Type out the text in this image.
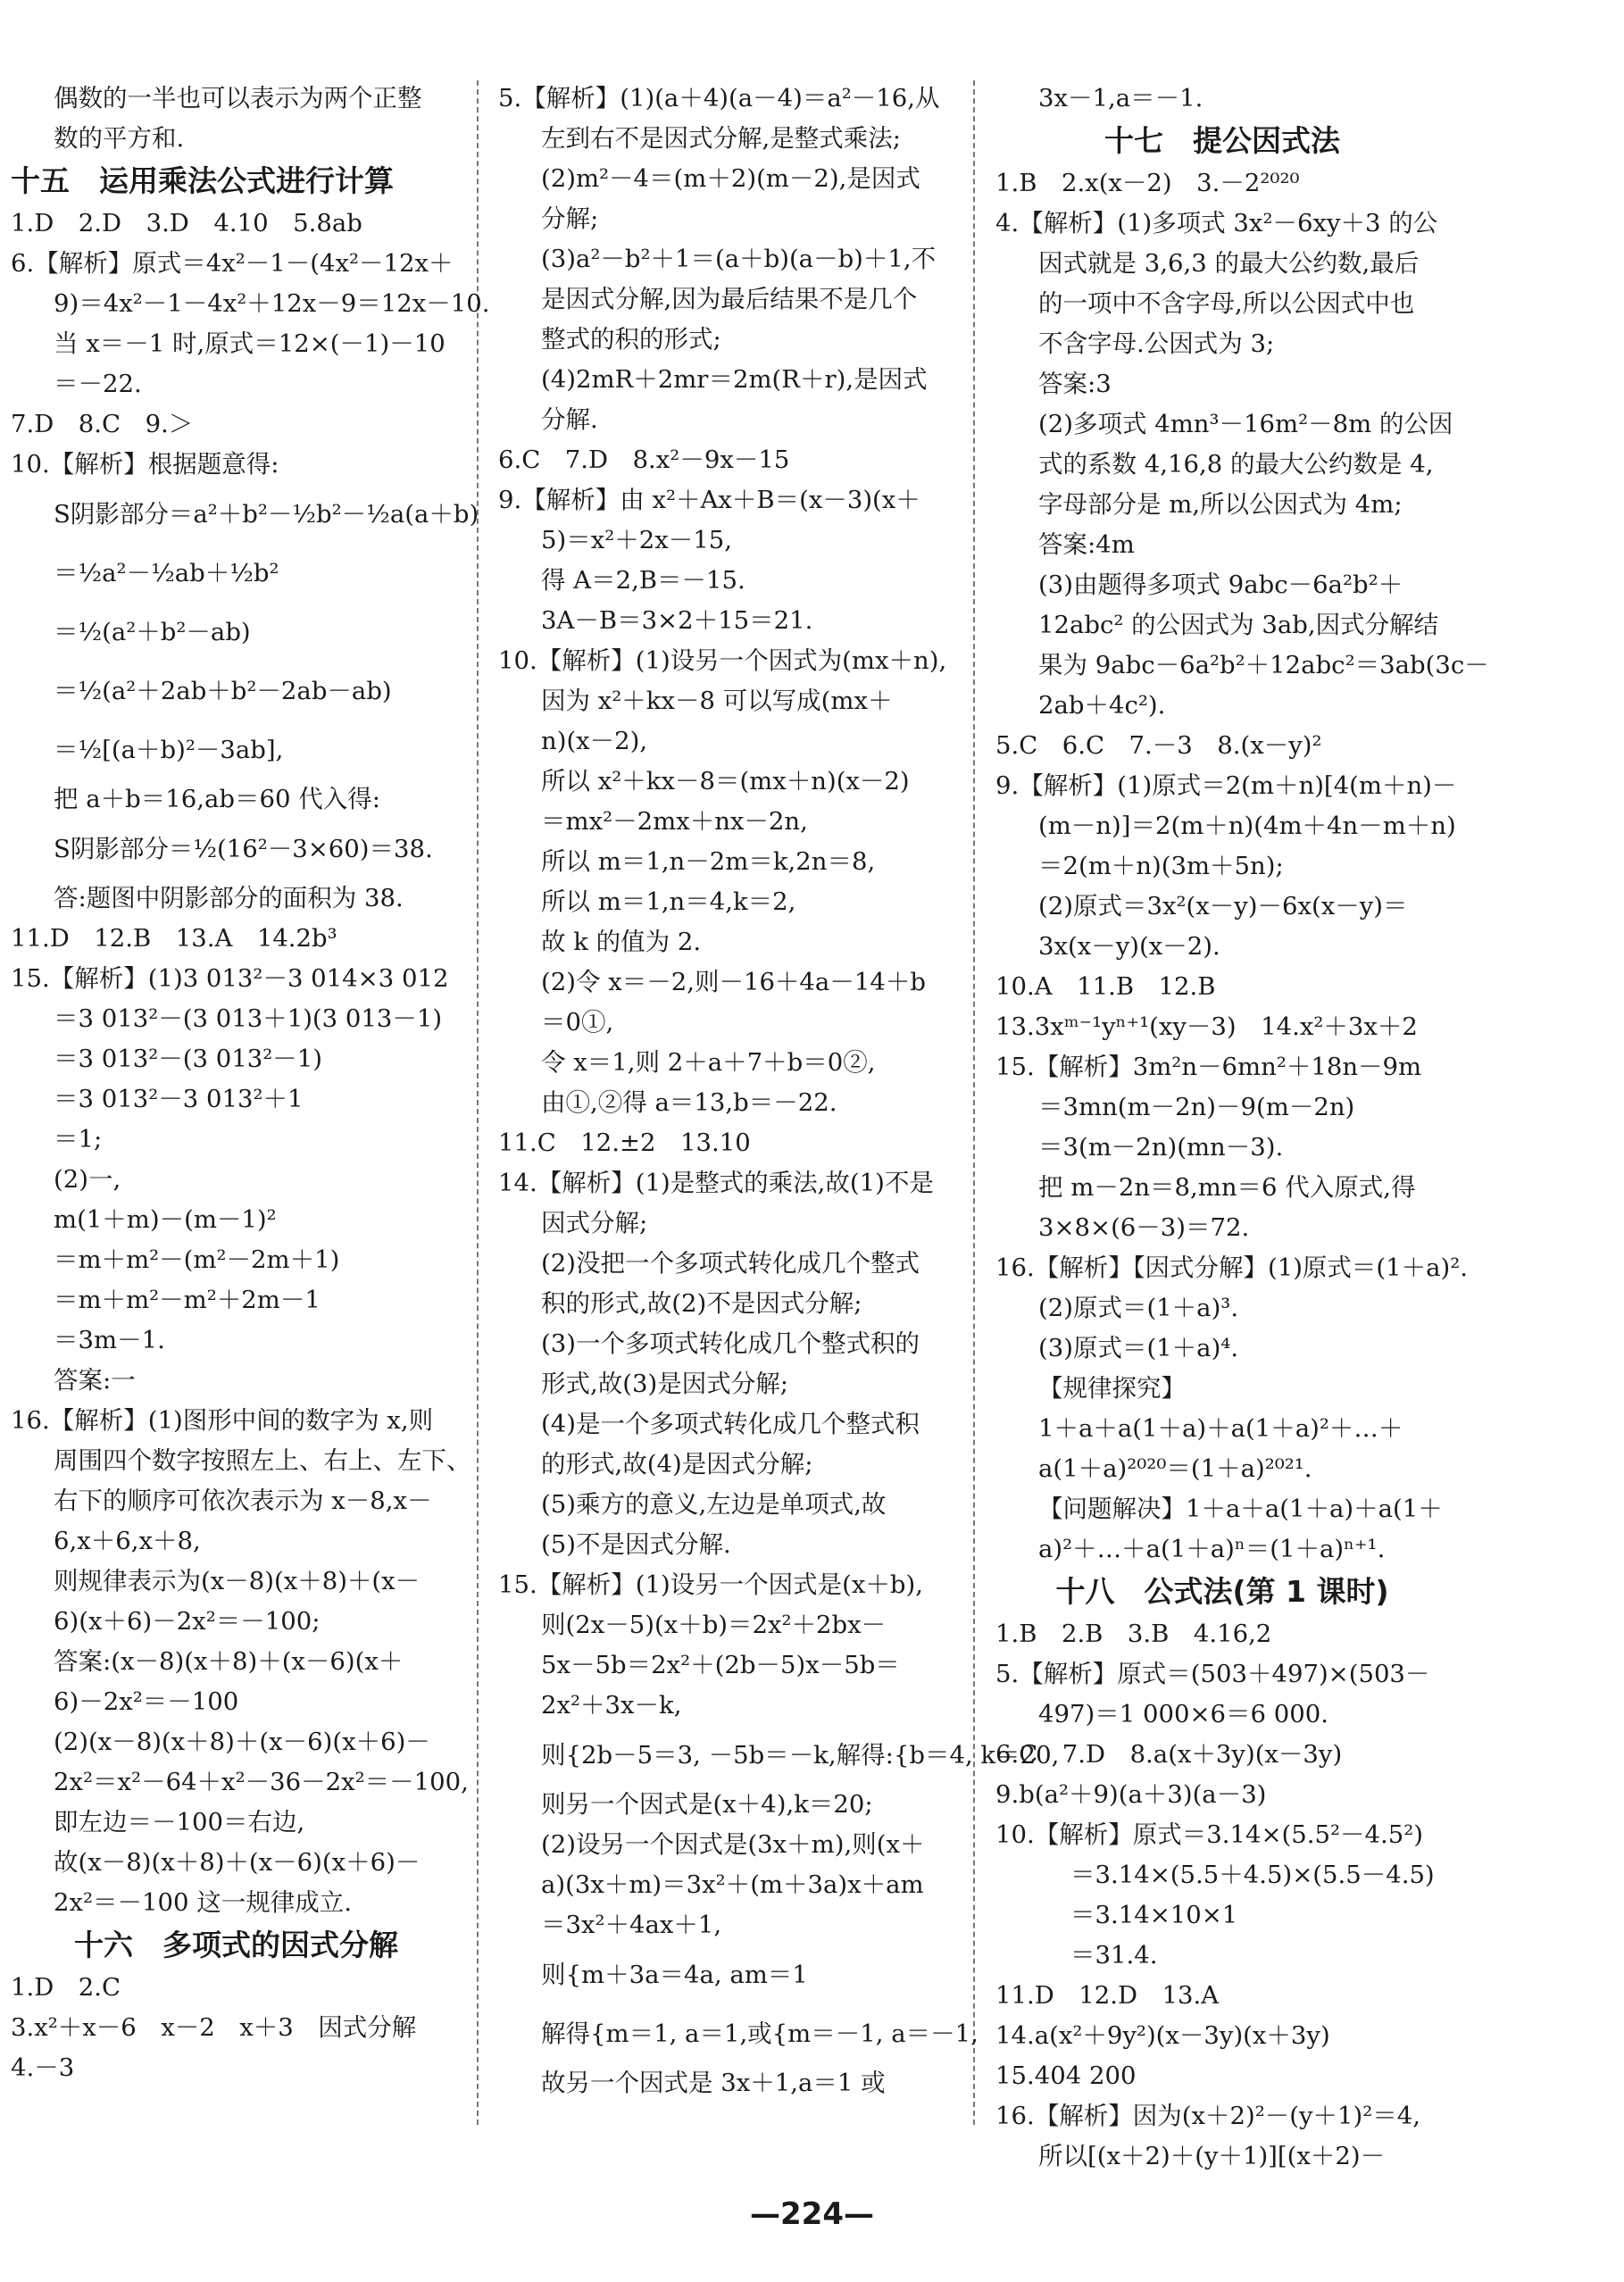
偶数的一半也可以表示为两个正整
数的平方和.
十五　运用乘法公式进行计算
1.D　2.D　3.D　4.10　5.8ab
6.【解析】原式＝4x²－1－(4x²－12x＋
9)＝4x²－1－4x²＋12x－9＝12x－10.
当 x＝－1 时,原式＝12×(－1)－10
＝－22.
7.D　8.C　9.＞
10.【解析】根据题意得:
S阴影部分＝a²＋b²－½b²－½a(a＋b)
＝½a²－½ab＋½b²
＝½(a²＋b²－ab)
＝½(a²＋2ab＋b²－2ab－ab)
＝½[(a＋b)²－3ab],
把 a＋b＝16,ab＝60 代入得:
S阴影部分＝½(16²－3×60)＝38.
答:题图中阴影部分的面积为 38.
11.D　12.B　13.A　14.2b³
15.【解析】(1)3 013²－3 014×3 012
＝3 013²－(3 013＋1)(3 013－1)
＝3 013²－(3 013²－1)
＝3 013²－3 013²＋1
＝1;
(2)一,
m(1＋m)－(m－1)²
＝m＋m²－(m²－2m＋1)
＝m＋m²－m²＋2m－1
＝3m－1.
答案:一
16.【解析】(1)图形中间的数字为 x,则
周围四个数字按照左上、右上、左下、
右下的顺序可依次表示为 x－8,x－
6,x＋6,x＋8,
则规律表示为(x－8)(x＋8)＋(x－
6)(x＋6)－2x²＝－100;
答案:(x－8)(x＋8)＋(x－6)(x＋
6)－2x²＝－100
(2)(x－8)(x＋8)＋(x－6)(x＋6)－
2x²＝x²－64＋x²－36－2x²＝－100,
即左边＝－100＝右边,
故(x－8)(x＋8)＋(x－6)(x＋6)－
2x²＝－100 这一规律成立.
十六　多项式的因式分解
1.D　2.C
3.x²＋x－6　x－2　x＋3　因式分解
4.－3
5.【解析】(1)(a＋4)(a－4)＝a²－16,从
左到右不是因式分解,是整式乘法;
(2)m²－4＝(m＋2)(m－2),是因式
分解;
(3)a²－b²＋1＝(a＋b)(a－b)＋1,不
是因式分解,因为最后结果不是几个
整式的积的形式;
(4)2mR＋2mr＝2m(R＋r),是因式
分解.
6.C　7.D　8.x²－9x－15
9.【解析】由 x²＋Ax＋B＝(x－3)(x＋
5)＝x²＋2x－15,
得 A＝2,B＝－15.
3A－B＝3×2＋15＝21.
10.【解析】(1)设另一个因式为(mx＋n),
因为 x²＋kx－8 可以写成(mx＋
n)(x－2),
所以 x²＋kx－8＝(mx＋n)(x－2)
＝mx²－2mx＋nx－2n,
所以 m＝1,n－2m＝k,2n＝8,
所以 m＝1,n＝4,k＝2,
故 k 的值为 2.
(2)令 x＝－2,则－16＋4a－14＋b
＝0①,
令 x＝1,则 2＋a＋7＋b＝0②,
由①,②得 a＝13,b＝－22.
11.C　12.±2　13.10
14.【解析】(1)是整式的乘法,故(1)不是
因式分解;
(2)没把一个多项式转化成几个整式
积的形式,故(2)不是因式分解;
(3)一个多项式转化成几个整式积的
形式,故(3)是因式分解;
(4)是一个多项式转化成几个整式积
的形式,故(4)是因式分解;
(5)乘方的意义,左边是单项式,故
(5)不是因式分解.
15.【解析】(1)设另一个因式是(x＋b),
则(2x－5)(x＋b)＝2x²＋2bx－
5x－5b＝2x²＋(2b－5)x－5b＝
2x²＋3x－k,
则{2b－5＝3, －5b＝－k,解得:{b＝4, k＝20,
则另一个因式是(x＋4),k＝20;
(2)设另一个因式是(3x＋m),则(x＋
a)(3x＋m)＝3x²＋(m＋3a)x＋am
＝3x²＋4ax＋1,
则{m＋3a＝4a, am＝1
解得{m＝1, a＝1,或{m＝－1, a＝－1,
故另一个因式是 3x＋1,a＝1 或
3x－1,a＝－1.
十七　提公因式法
1.B　2.x(x－2)　3.－2²⁰²⁰
4.【解析】(1)多项式 3x²－6xy＋3 的公
因式就是 3,6,3 的最大公约数,最后
的一项中不含字母,所以公因式中也
不含字母.公因式为 3;
答案:3
(2)多项式 4mn³－16m²－8m 的公因
式的系数 4,16,8 的最大公约数是 4,
字母部分是 m,所以公因式为 4m;
答案:4m
(3)由题得多项式 9abc－6a²b²＋
12abc² 的公因式为 3ab,因式分解结
果为 9abc－6a²b²＋12abc²＝3ab(3c－
2ab＋4c²).
5.C　6.C　7.－3　8.(x－y)²
9.【解析】(1)原式＝2(m＋n)[4(m＋n)－
(m－n)]＝2(m＋n)(4m＋4n－m＋n)
＝2(m＋n)(3m＋5n);
(2)原式＝3x²(x－y)－6x(x－y)＝
3x(x－y)(x－2).
10.A　11.B　12.B
13.3xᵐ⁻¹yⁿ⁺¹(xy－3)　14.x²＋3x＋2
15.【解析】3m²n－6mn²＋18n－9m
＝3mn(m－2n)－9(m－2n)
＝3(m－2n)(mn－3).
把 m－2n＝8,mn＝6 代入原式,得
3×8×(6－3)＝72.
16.【解析】【因式分解】(1)原式＝(1＋a)².
(2)原式＝(1＋a)³.
(3)原式＝(1＋a)⁴.
【规律探究】
1＋a＋a(1＋a)＋a(1＋a)²＋…＋
a(1＋a)²⁰²⁰＝(1＋a)²⁰²¹.
【问题解决】1＋a＋a(1＋a)＋a(1＋
a)²＋…＋a(1＋a)ⁿ＝(1＋a)ⁿ⁺¹.
十八　公式法(第 1 课时)
1.B　2.B　3.B　4.16,2
5.【解析】原式＝(503＋497)×(503－
497)＝1 000×6＝6 000.
6.C　7.D　8.a(x＋3y)(x－3y)
9.b(a²＋9)(a＋3)(a－3)
10.【解析】原式＝3.14×(5.5²－4.5²)
＝3.14×(5.5＋4.5)×(5.5－4.5)
＝3.14×10×1
＝31.4.
11.D　12.D　13.A
14.a(x²＋9y²)(x－3y)(x＋3y)
15.404 200
16.【解析】因为(x＋2)²－(y＋1)²＝4,
所以[(x＋2)＋(y＋1)][(x＋2)－
—224—
